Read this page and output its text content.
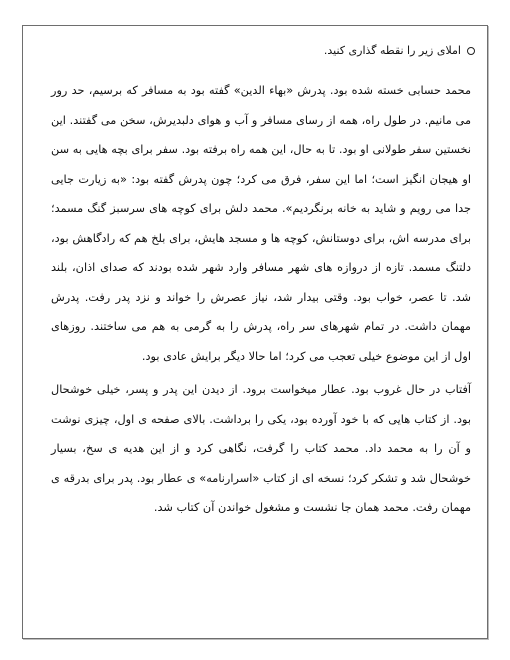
املای زیر را نقطه گذاری کنید.

محمد حسابی خسته شده بود. پدرش «بهاء الدین» گفته بود به مسافر که برسیم، حد رور می مانیم. در طول راه، همه از رسای مسافر و آب و هوای دلبدیرش، سخن می گفتند. این نخستین سفر طولانی او بود. تا به حال، این همه راه برفته بود. سفر برای بچه هایی به سن او هیجان انگیز است؛ اما این سفر، فرق می کرد؛ چون پدرش گفته بود: «به زیارت جایی جدا می رویم و شاید به خانه برنگردیم». محمد دلش برای کوچه های سرسبز گنگ مسمد؛ برای مدرسه اش، برای دوستانش، کوچه ها و مسجد هایش، برای بلخ هم که رادگاهش بود، دلتنگ مسمد. تازه از دروازه های شهر مسافر وارد شهر شده بودند که صدای اذان، بلند شد. تا عصر، خواب بود. وقتی بیدار شد، نیاز عصرش را خواند و نزد پدر رفت. پدرش مهمان داشت. در تمام شهرهای سر راه، پدرش را به گرمی به هم می ساختند. روزهای اول از این موضوع خیلی تعجب می کرد؛ اما حالا دیگر برایش عادی بود.

آفتاب در حال غروب بود. عطار میخواست برود. از دیدن این پدر و پسر، خیلی خوشحال بود. از کتاب هایی که با خود آورده بود، یکی را برداشت. بالای صفحه ی اول، چیزی نوشت و آن را به محمد داد. محمد کتاب را گرفت، نگاهی کرد و از این هدیه ی سخ، بسیار خوشحال شد و تشکر کرد؛ نسخه ای از کتاب «اسرارنامه» ی عطار بود. پدر برای بدرقه ی مهمان رفت. محمد همان جا نشست و مشغول خواندن آن کتاب شد.
